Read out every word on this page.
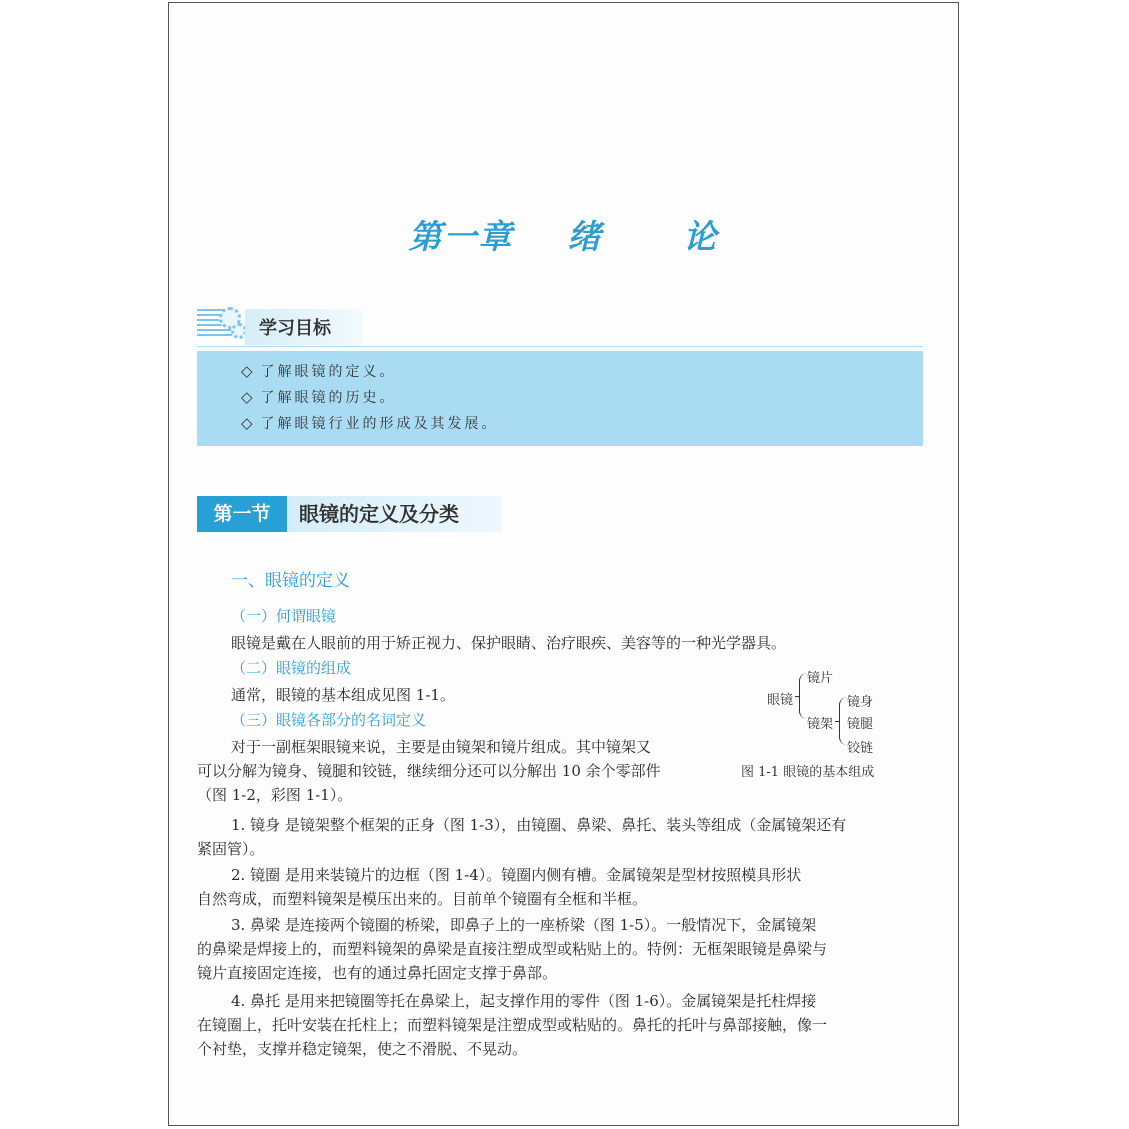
第一章    绪      论
学习目标
◇ 了解眼镜的定义。
◇ 了解眼镜的历史。
◇ 了解眼镜行业的形成及其发展。
第一节	眼镜的定义及分类
一、眼镜的定义
（一）何谓眼镜
眼镜是戴在人眼前的用于矫正视力、保护眼睛、治疗眼疾、美容等的一种光学器具。
（二）眼镜的组成
通常，眼镜的基本组成见图 1-1。
（三）眼镜各部分的名词定义
对于一副框架眼镜来说，主要是由镜架和镜片组成。其中镜架又
可以分解为镜身、镜腿和铰链，继续细分还可以分解出 10 余个零部件
（图 1-2，彩图 1-1）。
眼镜
镜片
镜架
镜身
镜腿
铰链
图 1-1 眼镜的基本组成
1. 镜身 是镜架整个框架的正身（图 1-3），由镜圈、鼻梁、鼻托、装头等组成（金属镜架还有
紧固管）。
2. 镜圈 是用来装镜片的边框（图 1-4）。镜圈内侧有槽。金属镜架是型材按照模具形状
自然弯成，而塑料镜架是模压出来的。目前单个镜圈有全框和半框。
3. 鼻梁 是连接两个镜圈的桥梁，即鼻子上的一座桥梁（图 1-5）。一般情况下，金属镜架
的鼻梁是焊接上的，而塑料镜架的鼻梁是直接注塑成型或粘贴上的。特例：无框架眼镜是鼻梁与
镜片直接固定连接，也有的通过鼻托固定支撑于鼻部。
4. 鼻托 是用来把镜圈等托在鼻梁上，起支撑作用的零件（图 1-6）。金属镜架是托柱焊接
在镜圈上，托叶安装在托柱上；而塑料镜架是注塑成型或粘贴的。鼻托的托叶与鼻部接触，像一
个衬垫，支撑并稳定镜架，使之不滑脱、不晃动。
